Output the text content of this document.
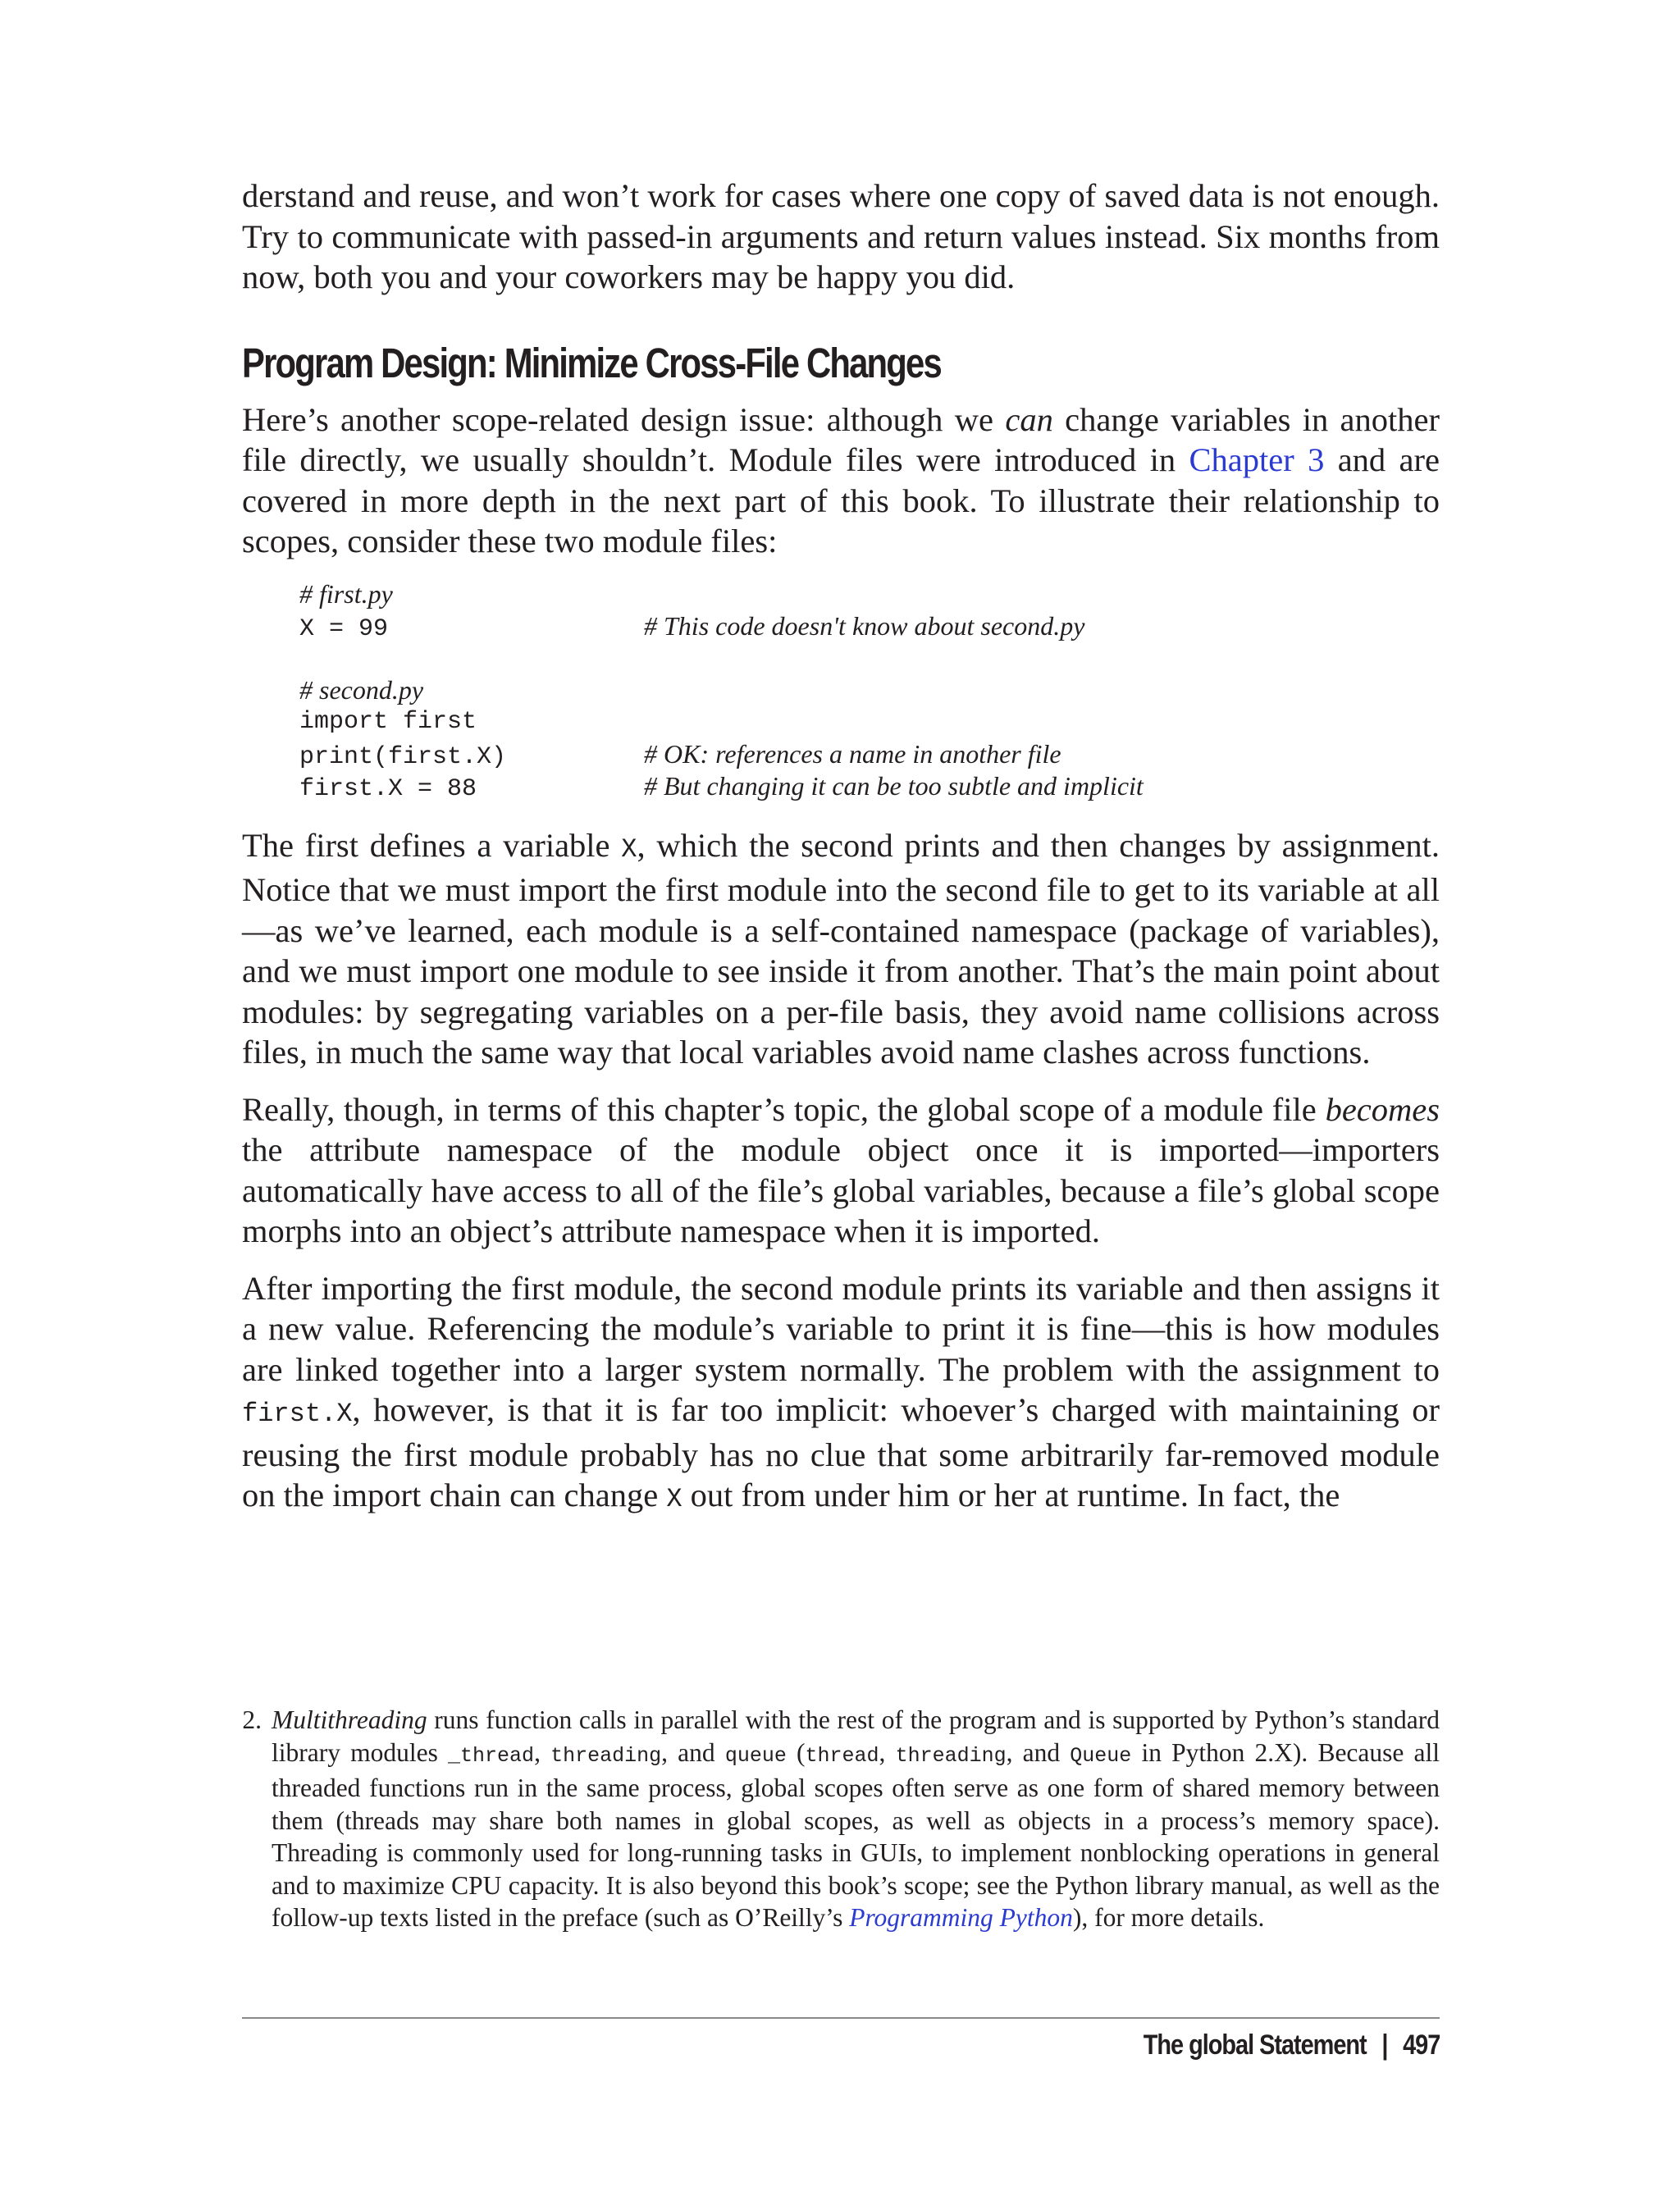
derstand and reuse, and won’t work for cases where one copy of saved data is not enough. Try to communicate with passed-in arguments and return values instead. Six months from now, both you and your coworkers may be happy you did.

Program Design: Minimize Cross-File Changes

Here’s another scope-related design issue: although we can change variables in another file directly, we usually shouldn’t. Module files were introduced in Chapter 3 and are covered in more depth in the next part of this book. To illustrate their relationship to scopes, consider these two module files:

# first.py
X = 99	# This code doesn't know about second.py
# second.py
import first
print(first.X)	# OK: references a name in another file
first.X = 88	# But changing it can be too subtle and implicit

The first defines a variable X, which the second prints and then changes by assignment. Notice that we must import the first module into the second file to get to its variable at all—as we’ve learned, each module is a self-contained namespace (package of variables), and we must import one module to see inside it from another. That’s the main point about modules: by segregating variables on a per-file basis, they avoid name collisions across files, in much the same way that local variables avoid name clashes across functions.

Really, though, in terms of this chapter’s topic, the global scope of a module file becomes the attribute namespace of the module object once it is imported—importers automatically have access to all of the file’s global variables, because a file’s global scope morphs into an object’s attribute namespace when it is imported.

After importing the first module, the second module prints its variable and then assigns it a new value. Referencing the module’s variable to print it is fine—this is how modules are linked together into a larger system normally. The problem with the assignment to first.X, however, is that it is far too implicit: whoever’s charged with maintaining or reusing the first module probably has no clue that some arbitrarily far-removed module on the import chain can change X out from under him or her at runtime. In fact, the

2. Multithreading runs function calls in parallel with the rest of the program and is supported by Python’s standard library modules _thread, threading, and queue (thread, threading, and Queue in Python 2.X). Because all threaded functions run in the same process, global scopes often serve as one form of shared memory between them (threads may share both names in global scopes, as well as objects in a process’s memory space). Threading is commonly used for long-running tasks in GUIs, to implement nonblocking operations in general and to maximize CPU capacity. It is also beyond this book’s scope; see the Python library manual, as well as the follow-up texts listed in the preface (such as O’Reilly’s Programming Python), for more details.
The global Statement | 497
